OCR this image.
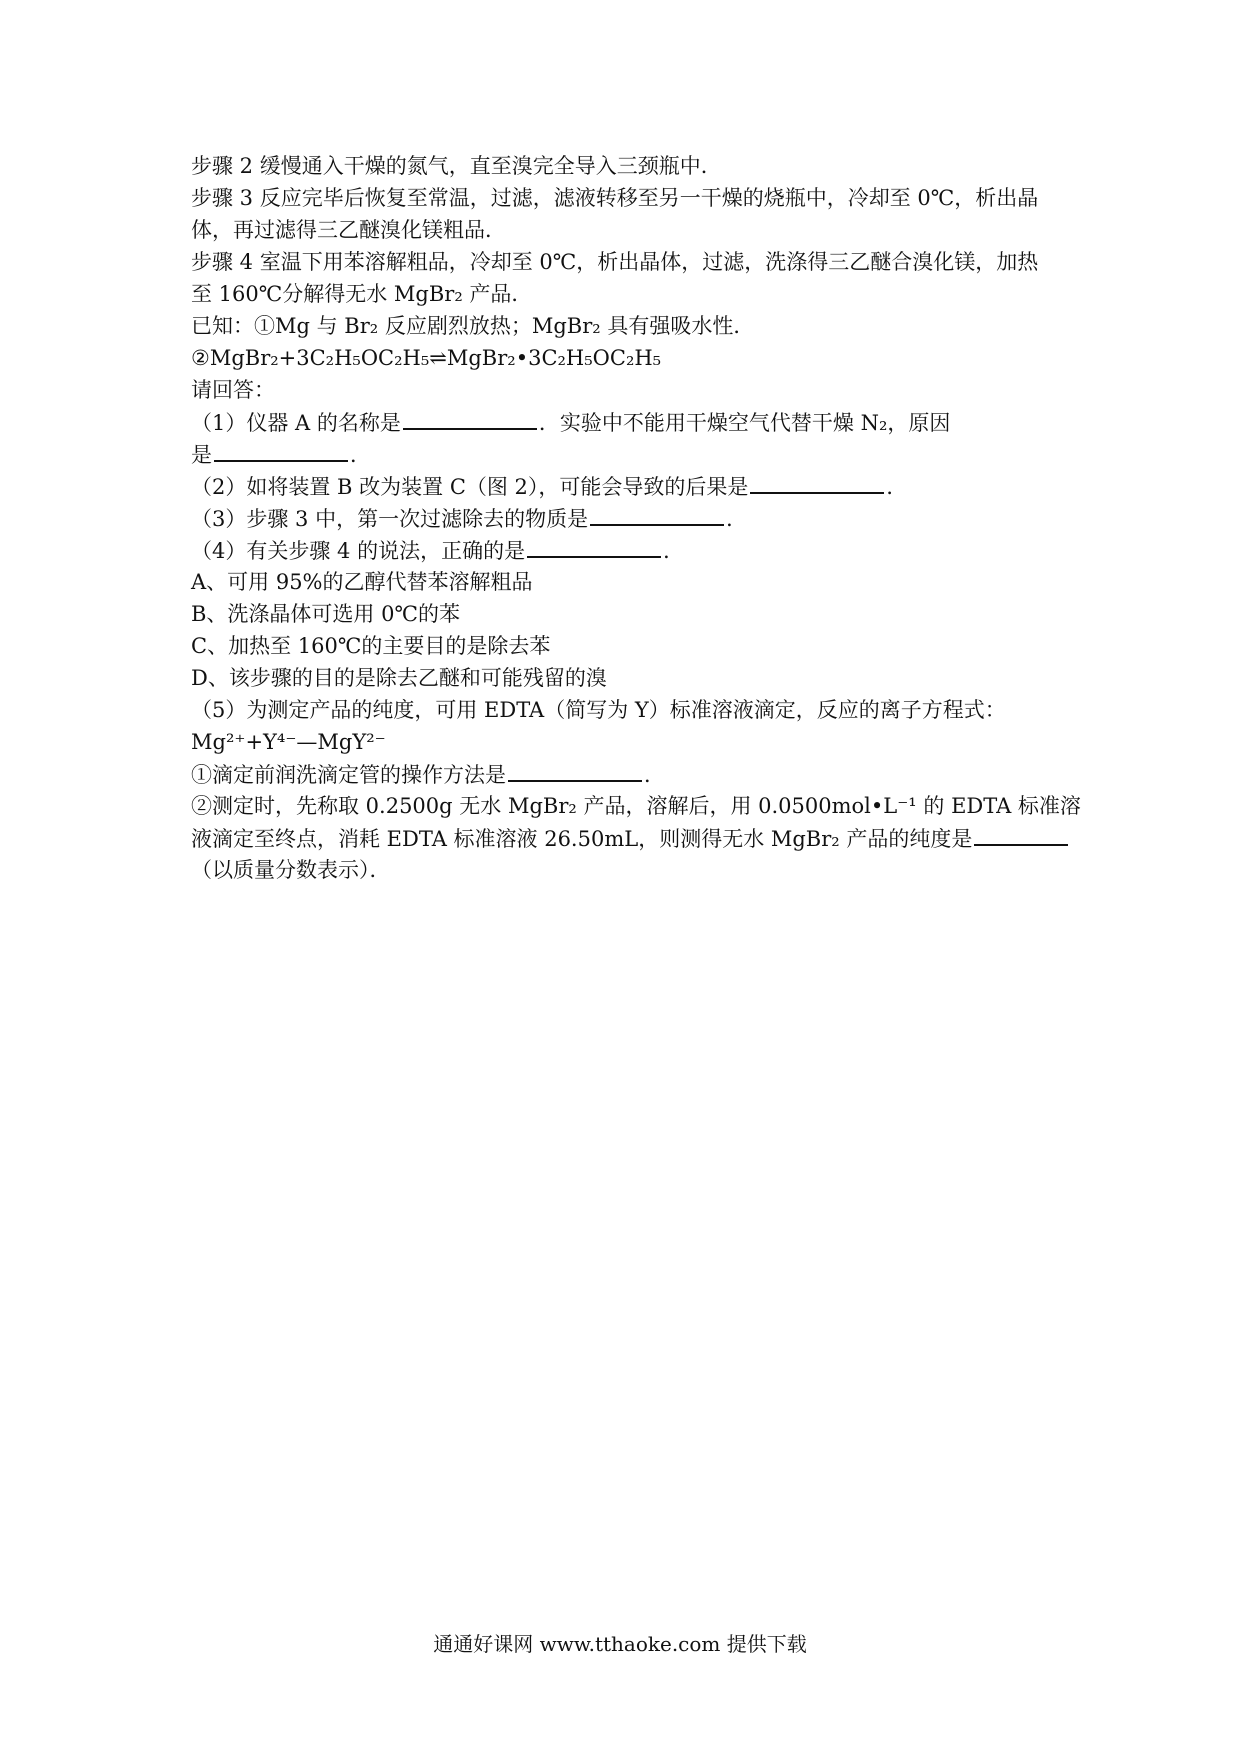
步骤 2 缓慢通入干燥的氮气，直至溴完全导入三颈瓶中．
步骤 3 反应完毕后恢复至常温，过滤，滤液转移至另一干燥的烧瓶中，冷却至 0℃，析出晶
体，再过滤得三乙醚溴化镁粗品．
步骤 4 室温下用苯溶解粗品，冷却至 0℃，析出晶体，过滤，洗涤得三乙醚合溴化镁，加热
至 160℃分解得无水 MgBr₂ 产品．
已知：①Mg 与 Br₂ 反应剧烈放热；MgBr₂ 具有强吸水性．
②MgBr₂+3C₂H₅OC₂H₅⇌MgBr₂•3C₂H₅OC₂H₅
请回答：
（1）仪器 A 的名称是	．实验中不能用干燥空气代替干燥 N₂，原因
是	．
（2）如将装置 B 改为装置 C（图 2），可能会导致的后果是	．
（3）步骤 3 中，第一次过滤除去的物质是	．
（4）有关步骤 4 的说法，正确的是	．
A、可用 95%的乙醇代替苯溶解粗品
B、洗涤晶体可选用 0℃的苯
C、加热至 160℃的主要目的是除去苯
D、该步骤的目的是除去乙醚和可能残留的溴
（5）为测定产品的纯度，可用 EDTA（简写为 Y）标准溶液滴定，反应的离子方程式：
Mg²⁺+Y⁴⁻—MgY²⁻
①滴定前润洗滴定管的操作方法是	．
②测定时，先称取 0.2500g 无水 MgBr₂ 产品，溶解后，用 0.0500mol•L⁻¹ 的 EDTA 标准溶
液滴定至终点，消耗 EDTA 标准溶液 26.50mL，则测得无水 MgBr₂ 产品的纯度是
（以质量分数表示）．
通通好课网 www.tthaoke.com 提供下载
